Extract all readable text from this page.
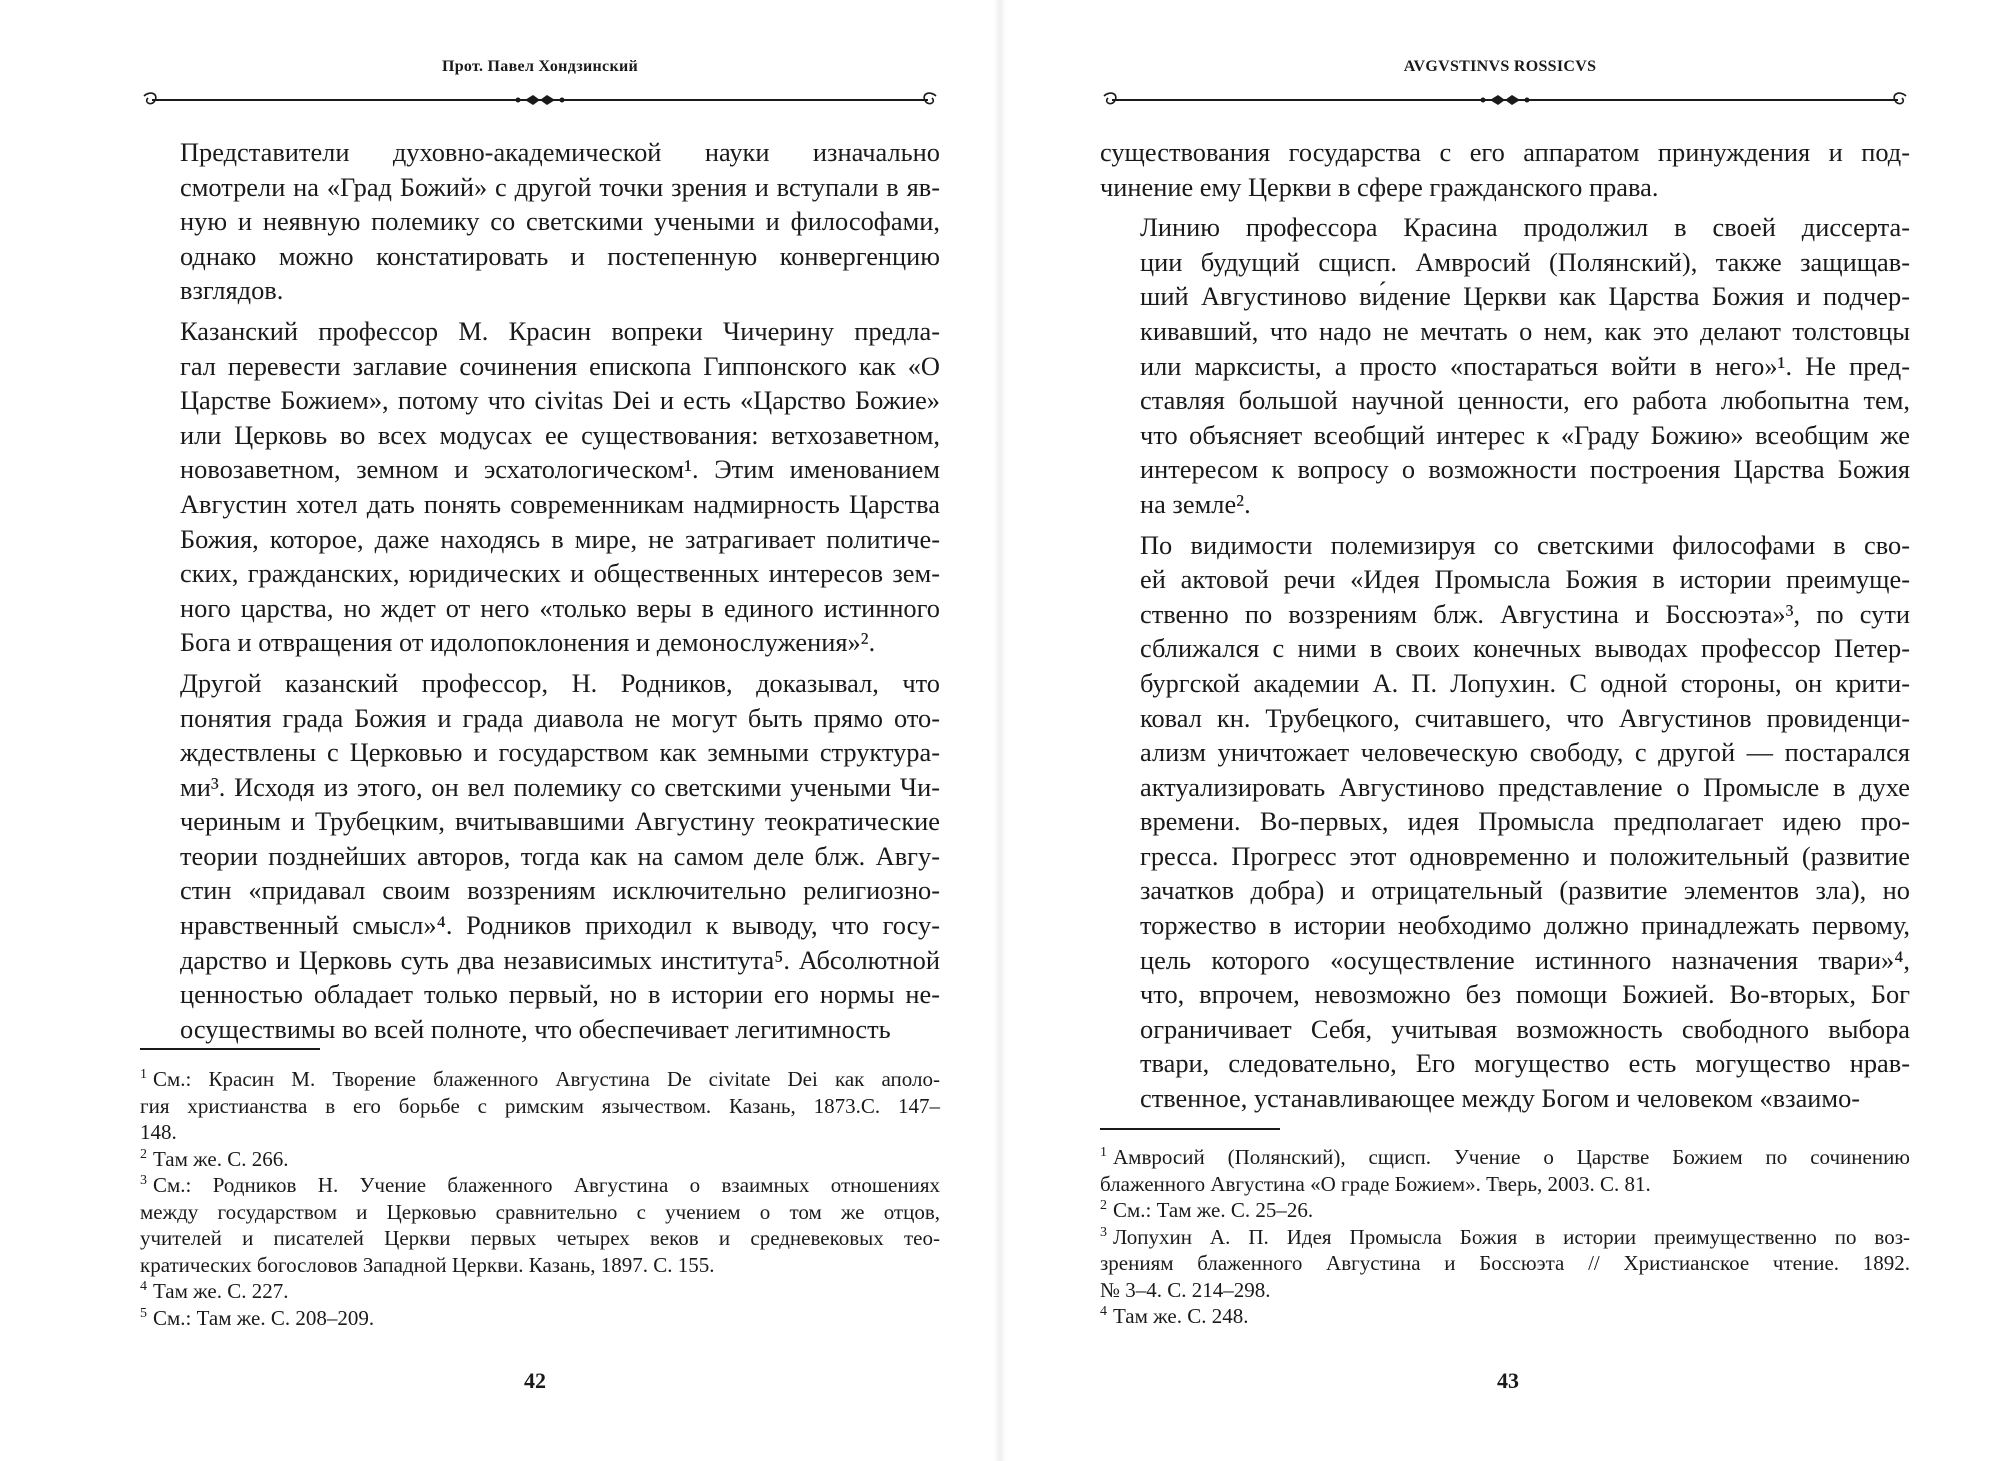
Прот. Павел Хондзинский

Представители духовно-академической науки изначально
смотрели на «Град Божий» с другой точки зрения и вступали в яв-
ную и неявную полемику со светскими учеными и философами,
однако можно констатировать и постепенную конвергенцию
взглядов.

Казанский профессор М. Красин вопреки Чичерину предла-
гал перевести заглавие сочинения епископа Гиппонского как «О
Царстве Божием», потому что civitas Dei и есть «Царство Божие»
или Церковь во всех модусах ее существования: ветхозаветном,
новозаветном, земном и эсхатологическом¹. Этим именованием
Августин хотел дать понять современникам надмирность Царства
Божия, которое, даже находясь в мире, не затрагивает политиче-
ских, гражданских, юридических и общественных интересов зем-
ного царства, но ждет от него «только веры в единого истинного
Бога и отвращения от идолопоклонения и демонослужения»².

Другой казанский профессор, Н. Родников, доказывал, что
понятия града Божия и града диавола не могут быть прямо ото-
ждествлены с Церковью и государством как земными структура-
ми³. Исходя из этого, он вел полемику со светскими учеными Чи-
чериным и Трубецким, вчитывавшими Августину теократические
теории позднейших авторов, тогда как на самом деле блж. Авгу-
стин «придавал своим воззрениям исключительно религиозно-
нравственный смысл»⁴. Родников приходил к выводу, что госу-
дарство и Церковь суть два независимых института⁵. Абсолютной
ценностью обладает только первый, но в истории его нормы не-
осуществимы во всей полноте, что обеспечивает легитимность

$^1$ См.: Красин М. Творение блаженного Августина De civitate Dei как аполо-
гия христианства в его борьбе с римским язычеством. Казань, 1873.С. 147–
148.
$^2$ Там же. С. 266.
$^3$ См.: Родников Н. Учение блаженного Августина о взаимных отношениях
между государством и Церковью сравнительно с учением о том же отцов,
учителей и писателей Церкви первых четырех веков и средневековых тео-
кратических богословов Западной Церкви. Казань, 1897. С. 155.
$^4$ Там же. С. 227.
$^5$ См.: Там же. С. 208–209.
42
AVGVSTINVS ROSSICVS

существования государства с его аппаратом принуждения и под-
чинение ему Церкви в сфере гражданского права.

Линию профессора Красина продолжил в своей диссерта-
ции будущий сщисп. Амвросий (Полянский), также защищав-
ший Августиново ви́дение Церкви как Царства Божия и подчер-
кивавший, что надо не мечтать о нем, как это делают толстовцы
или марксисты, а просто «постараться войти в него»¹. Не пред-
ставляя большой научной ценности, его работа любопытна тем,
что объясняет всеобщий интерес к «Граду Божию» всеобщим же
интересом к вопросу о возможности построения Царства Божия
на земле².

По видимости полемизируя со светскими философами в сво-
ей актовой речи «Идея Промысла Божия в истории преимуще-
ственно по воззрениям блж. Августина и Боссюэта»³, по сути
сближался с ними в своих конечных выводах профессор Петер-
бургской академии А. П. Лопухин. С одной стороны, он крити-
ковал кн. Трубецкого, считавшего, что Августинов провиденци-
ализм уничтожает человеческую свободу, с другой — постарался
актуализировать Августиново представление о Промысле в духе
времени. Во-первых, идея Промысла предполагает идею про-
гресса. Прогресс этот одновременно и положительный (развитие
зачатков добра) и отрицательный (развитие элементов зла), но
торжество в истории необходимо должно принадлежать первому,
цель которого «осуществление истинного назначения твари»⁴,
что, впрочем, невозможно без помощи Божией. Во-вторых, Бог
ограничивает Себя, учитывая возможность свободного выбора
твари, следовательно, Его могущество есть могущество нрав-
ственное, устанавливающее между Богом и человеком «взаимо-

$^1$ Амвросий (Полянский), сщисп. Учение о Царстве Божием по сочинению
блаженного Августина «О граде Божием». Тверь, 2003. С. 81.
$^2$ См.: Там же. С. 25–26.
$^3$ Лопухин А. П. Идея Промысла Божия в истории преимущественно по воз-
зрениям блаженного Августина и Боссюэта // Христианское чтение. 1892.
№ 3–4. С. 214–298.
$^4$ Там же. С. 248.
43
